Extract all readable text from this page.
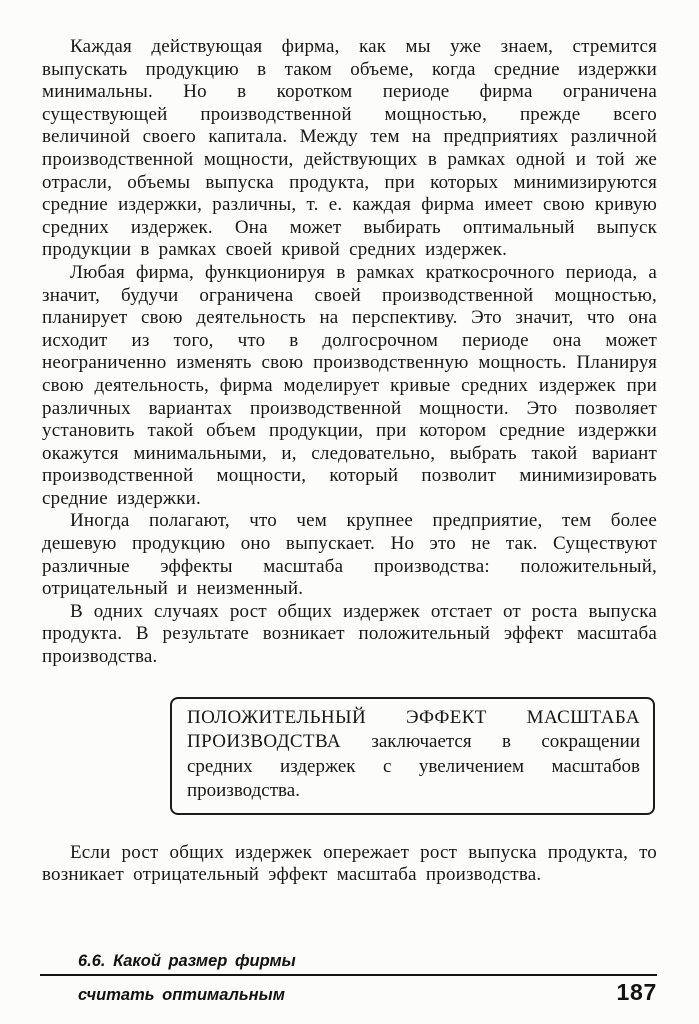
Каждая действующая фирма, как мы уже знаем, стремится выпускать продукцию в таком объеме, когда средние издержки минимальны. Но в коротком периоде фирма ограничена существующей производственной мощностью, прежде всего величиной своего капитала. Между тем на предприятиях различной производственной мощности, действующих в рамках одной и той же отрасли, объемы выпуска продукта, при которых минимизируются средние издержки, различны, т. е. каждая фирма имеет свою кривую средних издержек. Она может выбирать оптимальный выпуск продукции в рамках своей кривой средних издержек.

Любая фирма, функционируя в рамках краткосрочного периода, а значит, будучи ограничена своей производственной мощностью, планирует свою деятельность на перспективу. Это значит, что она исходит из того, что в долгосрочном периоде она может неограниченно изменять свою производственную мощность. Планируя свою деятельность, фирма моделирует кривые средних издержек при различных вариантах производственной мощности. Это позволяет установить такой объем продукции, при котором средние издержки окажутся минимальными, и, следовательно, выбрать такой вариант производственной мощности, который позволит минимизировать средние издержки.

Иногда полагают, что чем крупнее предприятие, тем более дешевую продукцию оно выпускает. Но это не так. Существуют различные эффекты масштаба производства: положительный, отрицательный и неизменный.

В одних случаях рост общих издержек отстает от роста выпуска продукта. В результате возникает положительный эффект масштаба производства.

ПОЛОЖИТЕЛЬНЫЙ ЭФФЕКТ МАСШТАБА ПРОИЗВОДСТВА заключается в сокращении средних издержек с увеличением масштабов производства.

Если рост общих издержек опережает рост выпуска продукта, то возникает отрицательный эффект масштаба производства.

6.6. Какой размер фирмы
считать оптимальным	187
